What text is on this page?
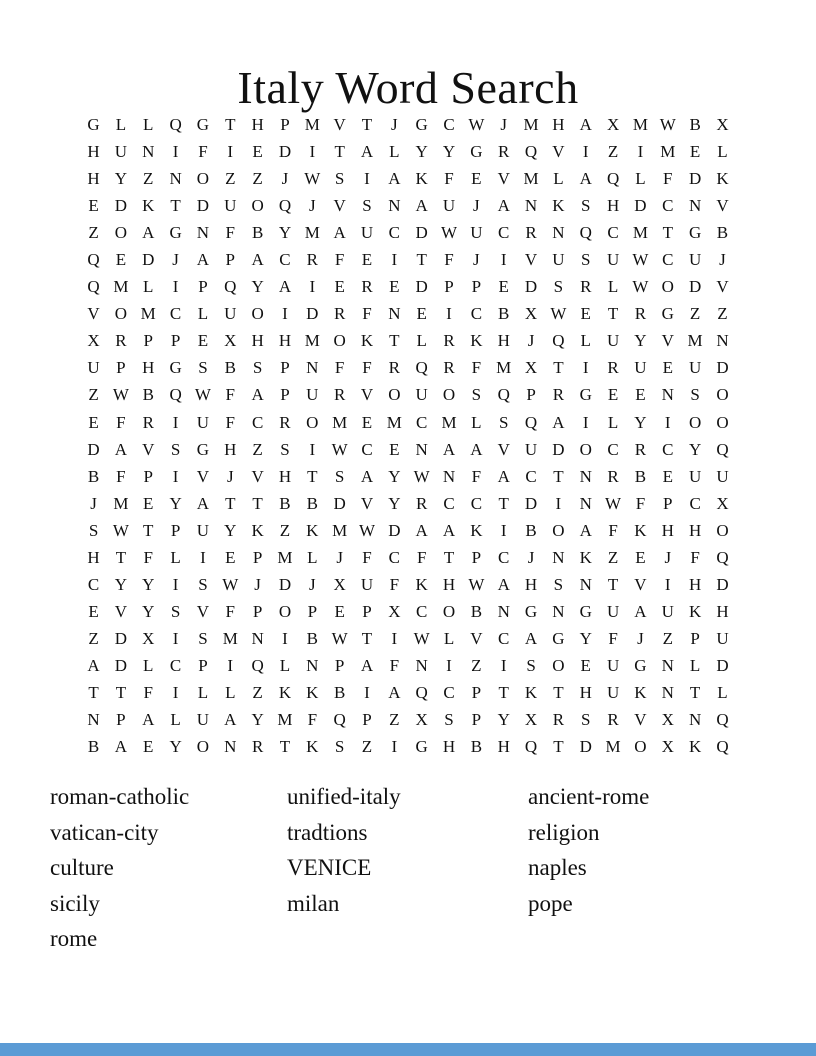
Italy Word Search
G L L Q G T H P M V T	J	G C W J M H A X M W B X
H U N	I	F	I	E D	I	T A L Y Y G R Q V	I	Z	I M E L
H Y Z N O Z Z	J W S	I	A K F	E V M L A Q L	F D K
E D K T D U O Q	J	V S N A U	J	A N K S H D C N V
Z O A G N F B Y M A U C D W U C R N Q C M T G B
Q E D	J	A P A C R F	E	I	T	F	J	I	V U S U W C U	J
Q M L	I	P Q Y A	I	E R E D P	P	E D S R L W O D V
V O M C L U O	I	D R F N E	I	C B X W E T R G Z Z
X R P	P	E X H H M O K T L R K H	J	Q L U Y V M N
U P H G S B S	P N F	F R Q R F M X T	I	R U E U D
Z W B Q W F A P U R V O U O S Q P R G E E N S O
E	F R	I	U F C R O M E M C M L	S Q A	I	L Y	I	O O
D A V S G H Z	S	I W C E N A A V U D O C R C Y Q
B F	P	I	V	J	V H T	S A Y W N F A C T N R B E U U
J M E Y A T T B B D V Y R C C T D	I	N W F	P C X
S W T	P U Y K Z K M W D A A K	I	B O A F K H H O
H T	F	L	I	E	P M L	J	F C F	T	P C	J	N K Z E	J	F Q
C Y Y	I	S W J	D	J	X U F K H W A H S N T V	I	H D
E V Y S V F	P O P	E	P X C O B N G N G U A U K H
Z D X	I	S M N	I	B W T	I W L V C A G Y F	J	Z	P U
A D L C P	I	Q L N P A F N	I	Z	I	S O E U G N L D
T T	F	I	L L Z K K B	I	A Q C P	T K T H U K N T L
N P A L U A Y M F Q P	Z X S	P Y X R S R V X N Q
B A E Y O N R T K S	Z	I	G H B H Q T D M O X K Q
roman-catholic
vatican-city
culture
sicily
rome
unified-italy
tradtions
VENICE
milan
ancient-rome
religion
naples
pope
